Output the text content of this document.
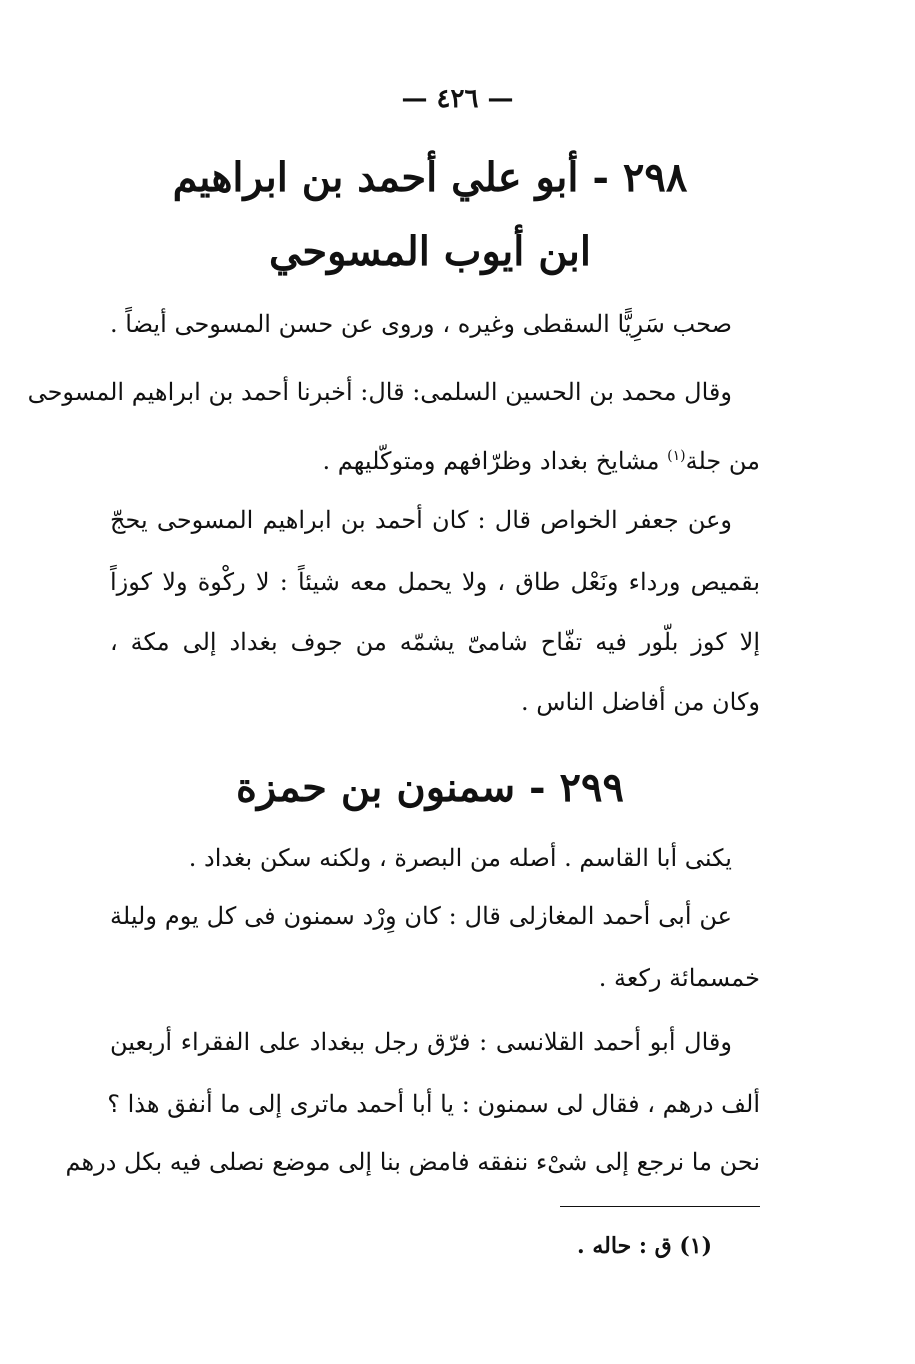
— ٤٢٦ —
٢٩٨ - أبو علي أحمد بن ابراهيم
ابن أيوب المسوحي
صحب سَرِيًّا السقطى وغيره ، وروى عن حسن المسوحى أيضاً .
وقال محمد بن الحسين السلمى: قال: أخبرنا أحمد بن ابراهيم المسوحى
من جلة$^{(١)}$ مشايخ بغداد وظرّافهم ومتوكّليهم .
وعن جعفر الخواص قال : كان أحمد بن ابراهيم المسوحى يحجّ
بقميص ورداء ونَعْل طاق ، ولا يحمل معه شيئاً : لا ركْوة ولا كوزاً
إلا كوز بلّور فيه تفّاح شامىّ يشمّه من جوف بغداد إلى مكة ،
وكان من أفاضل الناس .
٢٩٩ - سمنون بن حمزة
يكنى أبا القاسم . أصله من البصرة ، ولكنه سكن بغداد .
عن أبى أحمد المغازلى قال : كان وِرْد سمنون فى كل يوم وليلة
خمسمائة ركعة .
وقال أبو أحمد القلانسى : فرّق رجل ببغداد على الفقراء أربعين
ألف درهم ، فقال لى سمنون : يا أبا أحمد ماترى إلى ما أنفق هذا ؟
نحن ما نرجع إلى شىْء ننفقه فامض بنا إلى موضع نصلى فيه بكل درهم
(١) ق : حاله .
